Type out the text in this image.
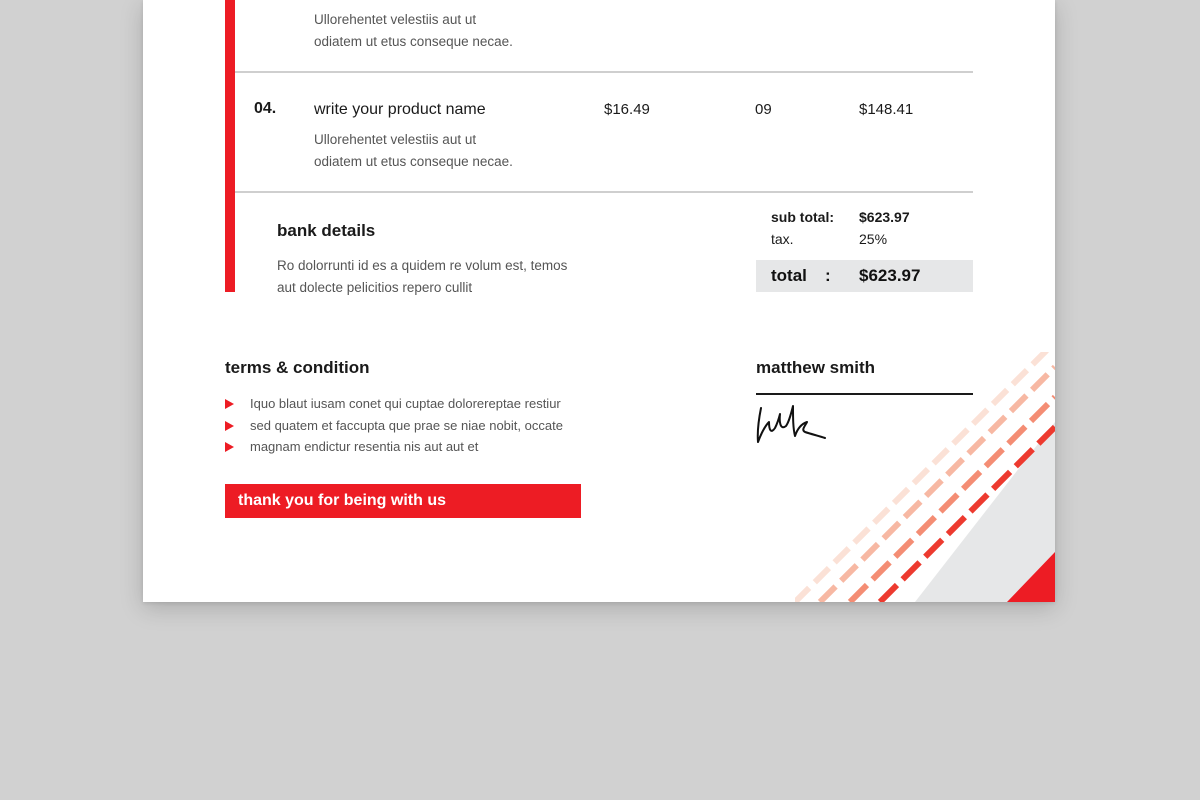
Ullorehentet velestiis aut ut
odiatem ut etus conseque necae.
04. write your product name	$16.49	09	$148.41
Ullorehentet velestiis aut ut
odiatem ut etus conseque necae.
bank details
Ro dolorrunti id es a quidem re volum est, temos
aut dolecte pelicitios repero cullit
sub total: $623.97
tax.	25%
total : $623.97
terms & condition
Iquo blaut iusam conet qui cuptae dolorereptae restiur
sed quatem et faccupta que prae se niae nobit, occate
magnam endictur resentia nis aut aut et
thank you for being with us
matthew smith
